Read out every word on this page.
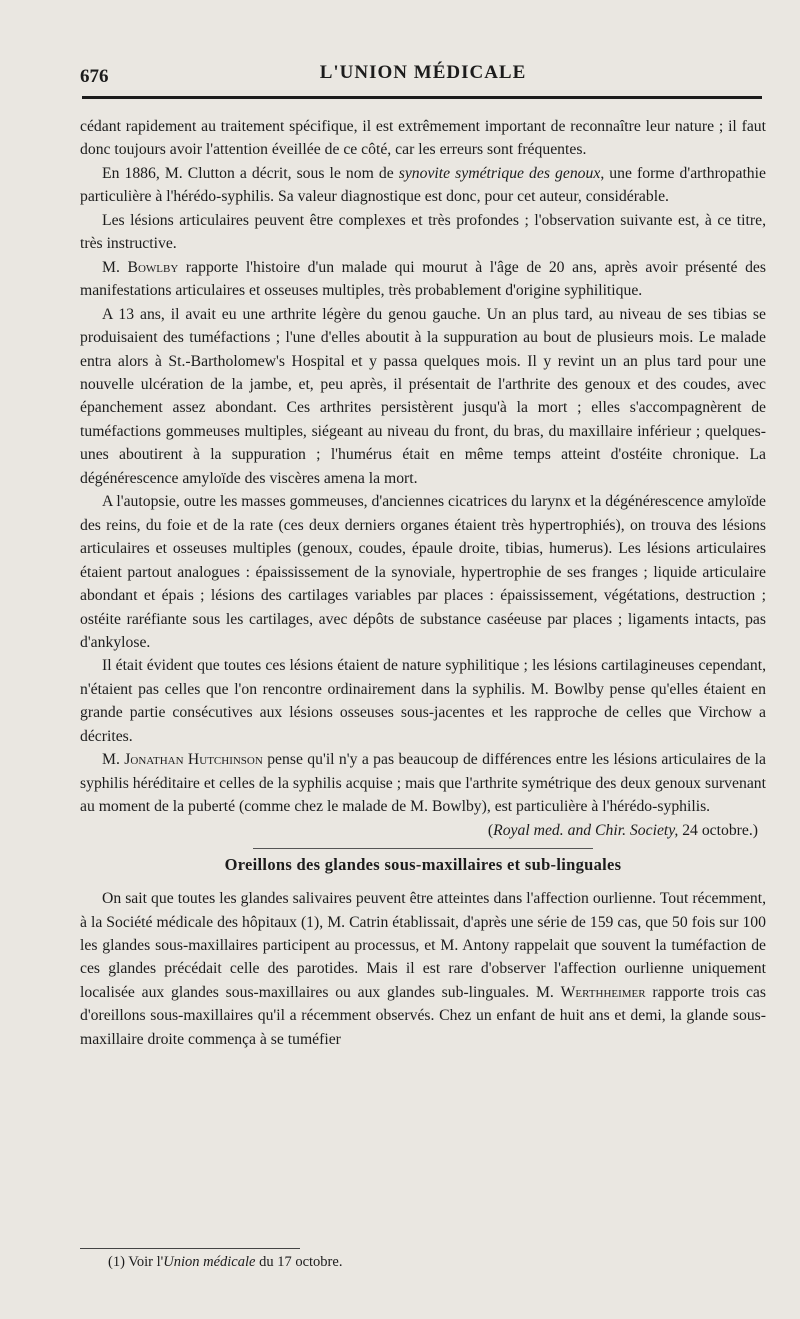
676	L'UNION MÉDICALE

cédant rapidement au traitement spécifique, il est extrêmement important de reconnaître leur nature ; il faut donc toujours avoir l'attention éveillée de ce côté, car les erreurs sont fréquentes.

En 1886, M. Clutton a décrit, sous le nom de synovite symétrique des genoux, une forme d'arthropathie particulière à l'hérédo-syphilis. Sa valeur diagnostique est donc, pour cet auteur, considérable.

Les lésions articulaires peuvent être complexes et très profondes ; l'observation suivante est, à ce titre, très instructive.

M. Bowlby rapporte l'histoire d'un malade qui mourut à l'âge de 20 ans, après avoir présenté des manifestations articulaires et osseuses multiples, très probablement d'origine syphilitique.

A 13 ans, il avait eu une arthrite légère du genou gauche. Un an plus tard, au niveau de ses tibias se produisaient des tuméfactions ; l'une d'elles aboutit à la suppuration au bout de plusieurs mois. Le malade entra alors à St.-Bartholomew's Hospital et y passa quelques mois. Il y revint un an plus tard pour une nouvelle ulcération de la jambe, et, peu après, il présentait de l'arthrite des genoux et des coudes, avec épanchement assez abondant. Ces arthrites persistèrent jusqu'à la mort ; elles s'accompagnèrent de tuméfactions gommeuses multiples, siégeant au niveau du front, du bras, du maxillaire inférieur ; quelques-unes aboutirent à la suppuration ; l'humérus était en même temps atteint d'ostéite chronique. La dégénérescence amyloïde des viscères amena la mort.

A l'autopsie, outre les masses gommeuses, d'anciennes cicatrices du larynx et la dégénérescence amyloïde des reins, du foie et de la rate (ces deux derniers organes étaient très hypertrophiés), on trouva des lésions articulaires et osseuses multiples (genoux, coudes, épaule droite, tibias, humerus). Les lésions articulaires étaient partout analogues : épaississement de la synoviale, hypertrophie de ses franges ; liquide articulaire abondant et épais ; lésions des cartilages variables par places : épaississement, végétations, destruction ; ostéite raréfiante sous les cartilages, avec dépôts de substance caséeuse par places ; ligaments intacts, pas d'ankylose.

Il était évident que toutes ces lésions étaient de nature syphilitique ; les lésions cartilagineuses cependant, n'étaient pas celles que l'on rencontre ordinairement dans la syphilis. M. Bowlby pense qu'elles étaient en grande partie consécutives aux lésions osseuses sous-jacentes et les rapproche de celles que Virchow a décrites.

M. Jonathan Hutchinson pense qu'il n'y a pas beaucoup de différences entre les lésions articulaires de la syphilis héréditaire et celles de la syphilis acquise ; mais que l'arthrite symétrique des deux genoux survenant au moment de la puberté (comme chez le malade de M. Bowlby), est particulière à l'hérédo-syphilis.

(Royal med. and Chir. Society, 24 octobre.)

Oreillons des glandes sous-maxillaires et sub-linguales

On sait que toutes les glandes salivaires peuvent être atteintes dans l'affection ourlienne. Tout récemment, à la Société médicale des hôpitaux (1), M. Catrin établissait, d'après une série de 159 cas, que 50 fois sur 100 les glandes sous-maxillaires participent au processus, et M. Antony rappelait que souvent la tuméfaction de ces glandes précédait celle des parotides. Mais il est rare d'observer l'affection ourlienne uniquement localisée aux glandes sous-maxillaires ou aux glandes sub-linguales. M. Werthheimer rapporte trois cas d'oreillons sous-maxillaires qu'il a récemment observés. Chez un enfant de huit ans et demi, la glande sous-maxillaire droite commença à se tuméfier

(1) Voir l'Union médicale du 17 octobre.
